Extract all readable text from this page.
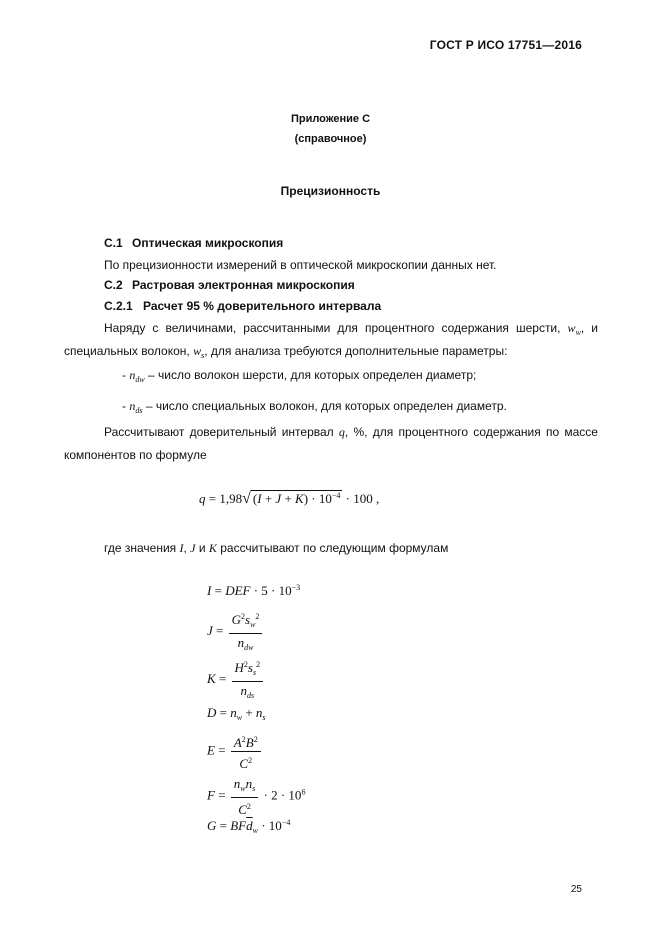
ГОСТ Р ИСО 17751—2016
Приложение С
(справочное)
Прецизионность
С.1 Оптическая микроскопия
По прецизионности измерений в оптической микроскопии данных нет.
С.2 Растровая электронная микроскопия
С.2.1 Расчет 95 % доверительного интервала
Наряду с величинами, рассчитанными для процентного содержания шерсти, $w_w$, и
специальных волокон, $w_s$, для анализа требуются дополнительные параметры:
- $n_{dw}$ – число волокон шерсти, для которых определен диаметр;
- $n_{ds}$ – число специальных волокон, для которых определен диаметр.
Рассчитывают доверительный интервал q, %, для процентного содержания по массе
компонентов по формуле
q = 1,98√ $(I + J + K) \cdot 10^{-4} \cdot 100$ ,
где значения I, J и K рассчитывают по следующим формулам
I = DEF · $5 \cdot 10^{-3}$
$J = \frac{G^2s_w^2}{n_{dw}}$
$K = \frac{H^2s_s^2}{n_{ds}}$
$D = n_w + n_s$
$E = \frac{A^2B^2}{C^2}$
$F = \frac{n_wn_s}{C^2} \cdot 2 \cdot 10^6$
$G = BF\overline{d}_w \cdot 10^{-4}$
25
